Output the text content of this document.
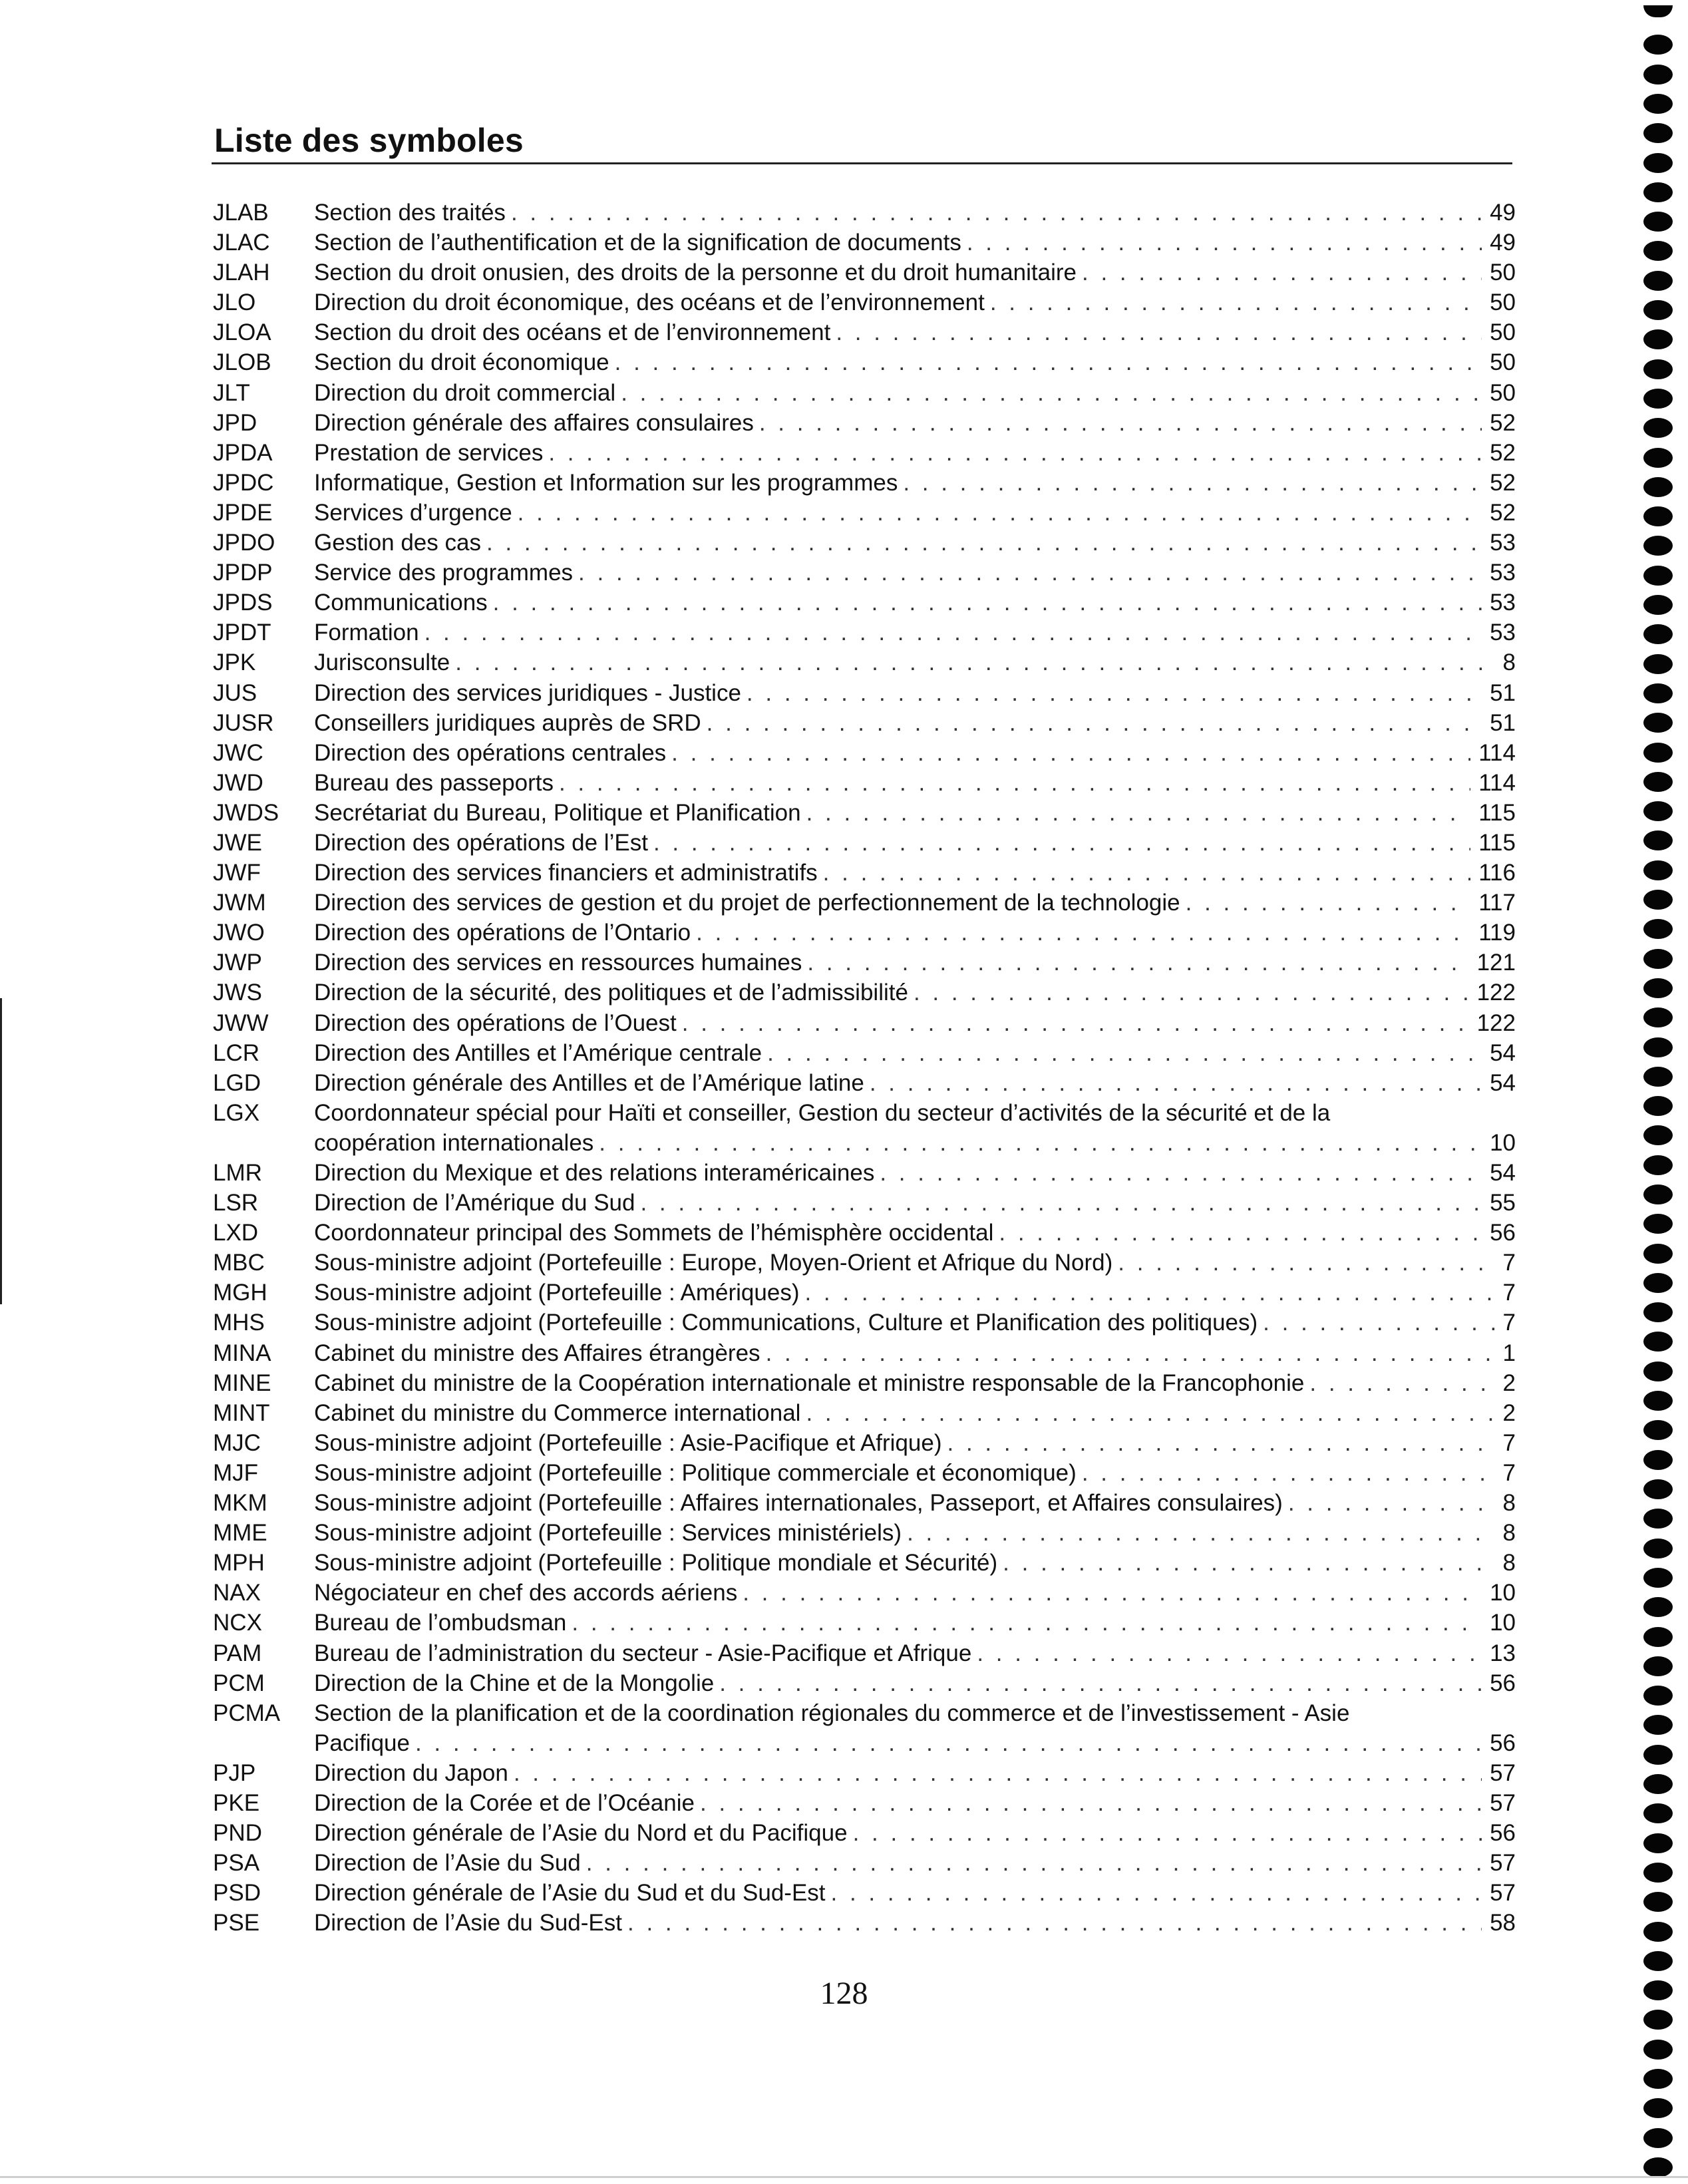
Liste des symboles
JLAB Section des traités . . .	49
JLAC Section de l’authentification et de la signification de documents . . .	49
JLAH Section du droit onusien, des droits de la personne et du droit humanitaire . . .	50
JLO	Direction du droit économique, des océans et de l’environnement . . .	50
JLOA Section du droit des océans et de l’environnement . . .	50
JLOB Section du droit économique . . .	50
JLT	Direction du droit commercial . . .	50
JPD Direction générale des affaires consulaires . . .	52
JPDA Prestation de services . . .	52
JPDC Informatique, Gestion et Information sur les programmes . . .	52
JPDE Services d’urgence . . .	52
JPDO Gestion des cas . . .	53
JPDP Service des programmes . . .	53
JPDS Communications . . .	53
JPDT Formation . . .	53
JPK	Jurisconsulte . . .	8
JUS Direction des services juridiques - Justice . . .	51
JUSR Conseillers juridiques auprès de SRD . . .	51
JWC Direction des opérations centrales . . .	114
JWD Bureau des passeports . . .	114
JWDS Secrétariat du Bureau, Politique et Planification . . .	115
JWE Direction des opérations de l’Est . . .	115
JWF Direction des services financiers et administratifs . . .	116
JWM Direction des services de gestion et du projet de perfectionnement de la technologie . . .	117
JWO Direction des opérations de l’Ontario . . .	119
JWP Direction des services en ressources humaines . . .	121
JWS Direction de la sécurité, des politiques et de l’admissibilité . . .	122
JWW Direction des opérations de l’Ouest . . .	122
LCR Direction des Antilles et l’Amérique centrale . . .	54
LGD Direction générale des Antilles et de l’Amérique latine . . .	54
LGX Coordonnateur spécial pour Haïti et conseiller, Gestion du secteur d’activités de la sécurité et de la
coopération internationales . . .	10
LMR Direction du Mexique et des relations interaméricaines . . .	54
LSR Direction de l’Amérique du Sud . . .	55
LXD Coordonnateur principal des Sommets de l’hémisphère occidental . . .	56
MBC Sous-ministre adjoint (Portefeuille : Europe, Moyen-Orient et Afrique du Nord) . . .	7
MGH Sous-ministre adjoint (Portefeuille : Amériques) . . .	7
MHS Sous-ministre adjoint (Portefeuille : Communications, Culture et Planification des politiques) . . .	7
MINA Cabinet du ministre des Affaires étrangères . . .	1
MINE Cabinet du ministre de la Coopération internationale et ministre responsable de la Francophonie . . .	2
MINT Cabinet du ministre du Commerce international . . .	2
MJC Sous-ministre adjoint (Portefeuille : Asie-Pacifique et Afrique) . . .	7
MJF Sous-ministre adjoint (Portefeuille : Politique commerciale et économique) . . .	7
MKM Sous-ministre adjoint (Portefeuille : Affaires internationales, Passeport, et Affaires consulaires) . . .	8
MME Sous-ministre adjoint (Portefeuille : Services ministériels) . . .	8
MPH Sous-ministre adjoint (Portefeuille : Politique mondiale et Sécurité) . . .	8
NAX Négociateur en chef des accords aériens . . .	10
NCX Bureau de l’ombudsman . . .	10
PAM Bureau de l’administration du secteur - Asie-Pacifique et Afrique . . .	13
PCM Direction de la Chine et de la Mongolie . . .	56
PCMA Section de la planification et de la coordination régionales du commerce et de l’investissement - Asie
Pacifique . . .	56
PJP	Direction du Japon . . .	57
PKE Direction de la Corée et de l’Océanie . . .	57
PND Direction générale de l’Asie du Nord et du Pacifique . . .	56
PSA Direction de l’Asie du Sud . . .	57
PSD Direction générale de l’Asie du Sud et du Sud-Est . . .	57
PSE Direction de l’Asie du Sud-Est . . .	58
128
